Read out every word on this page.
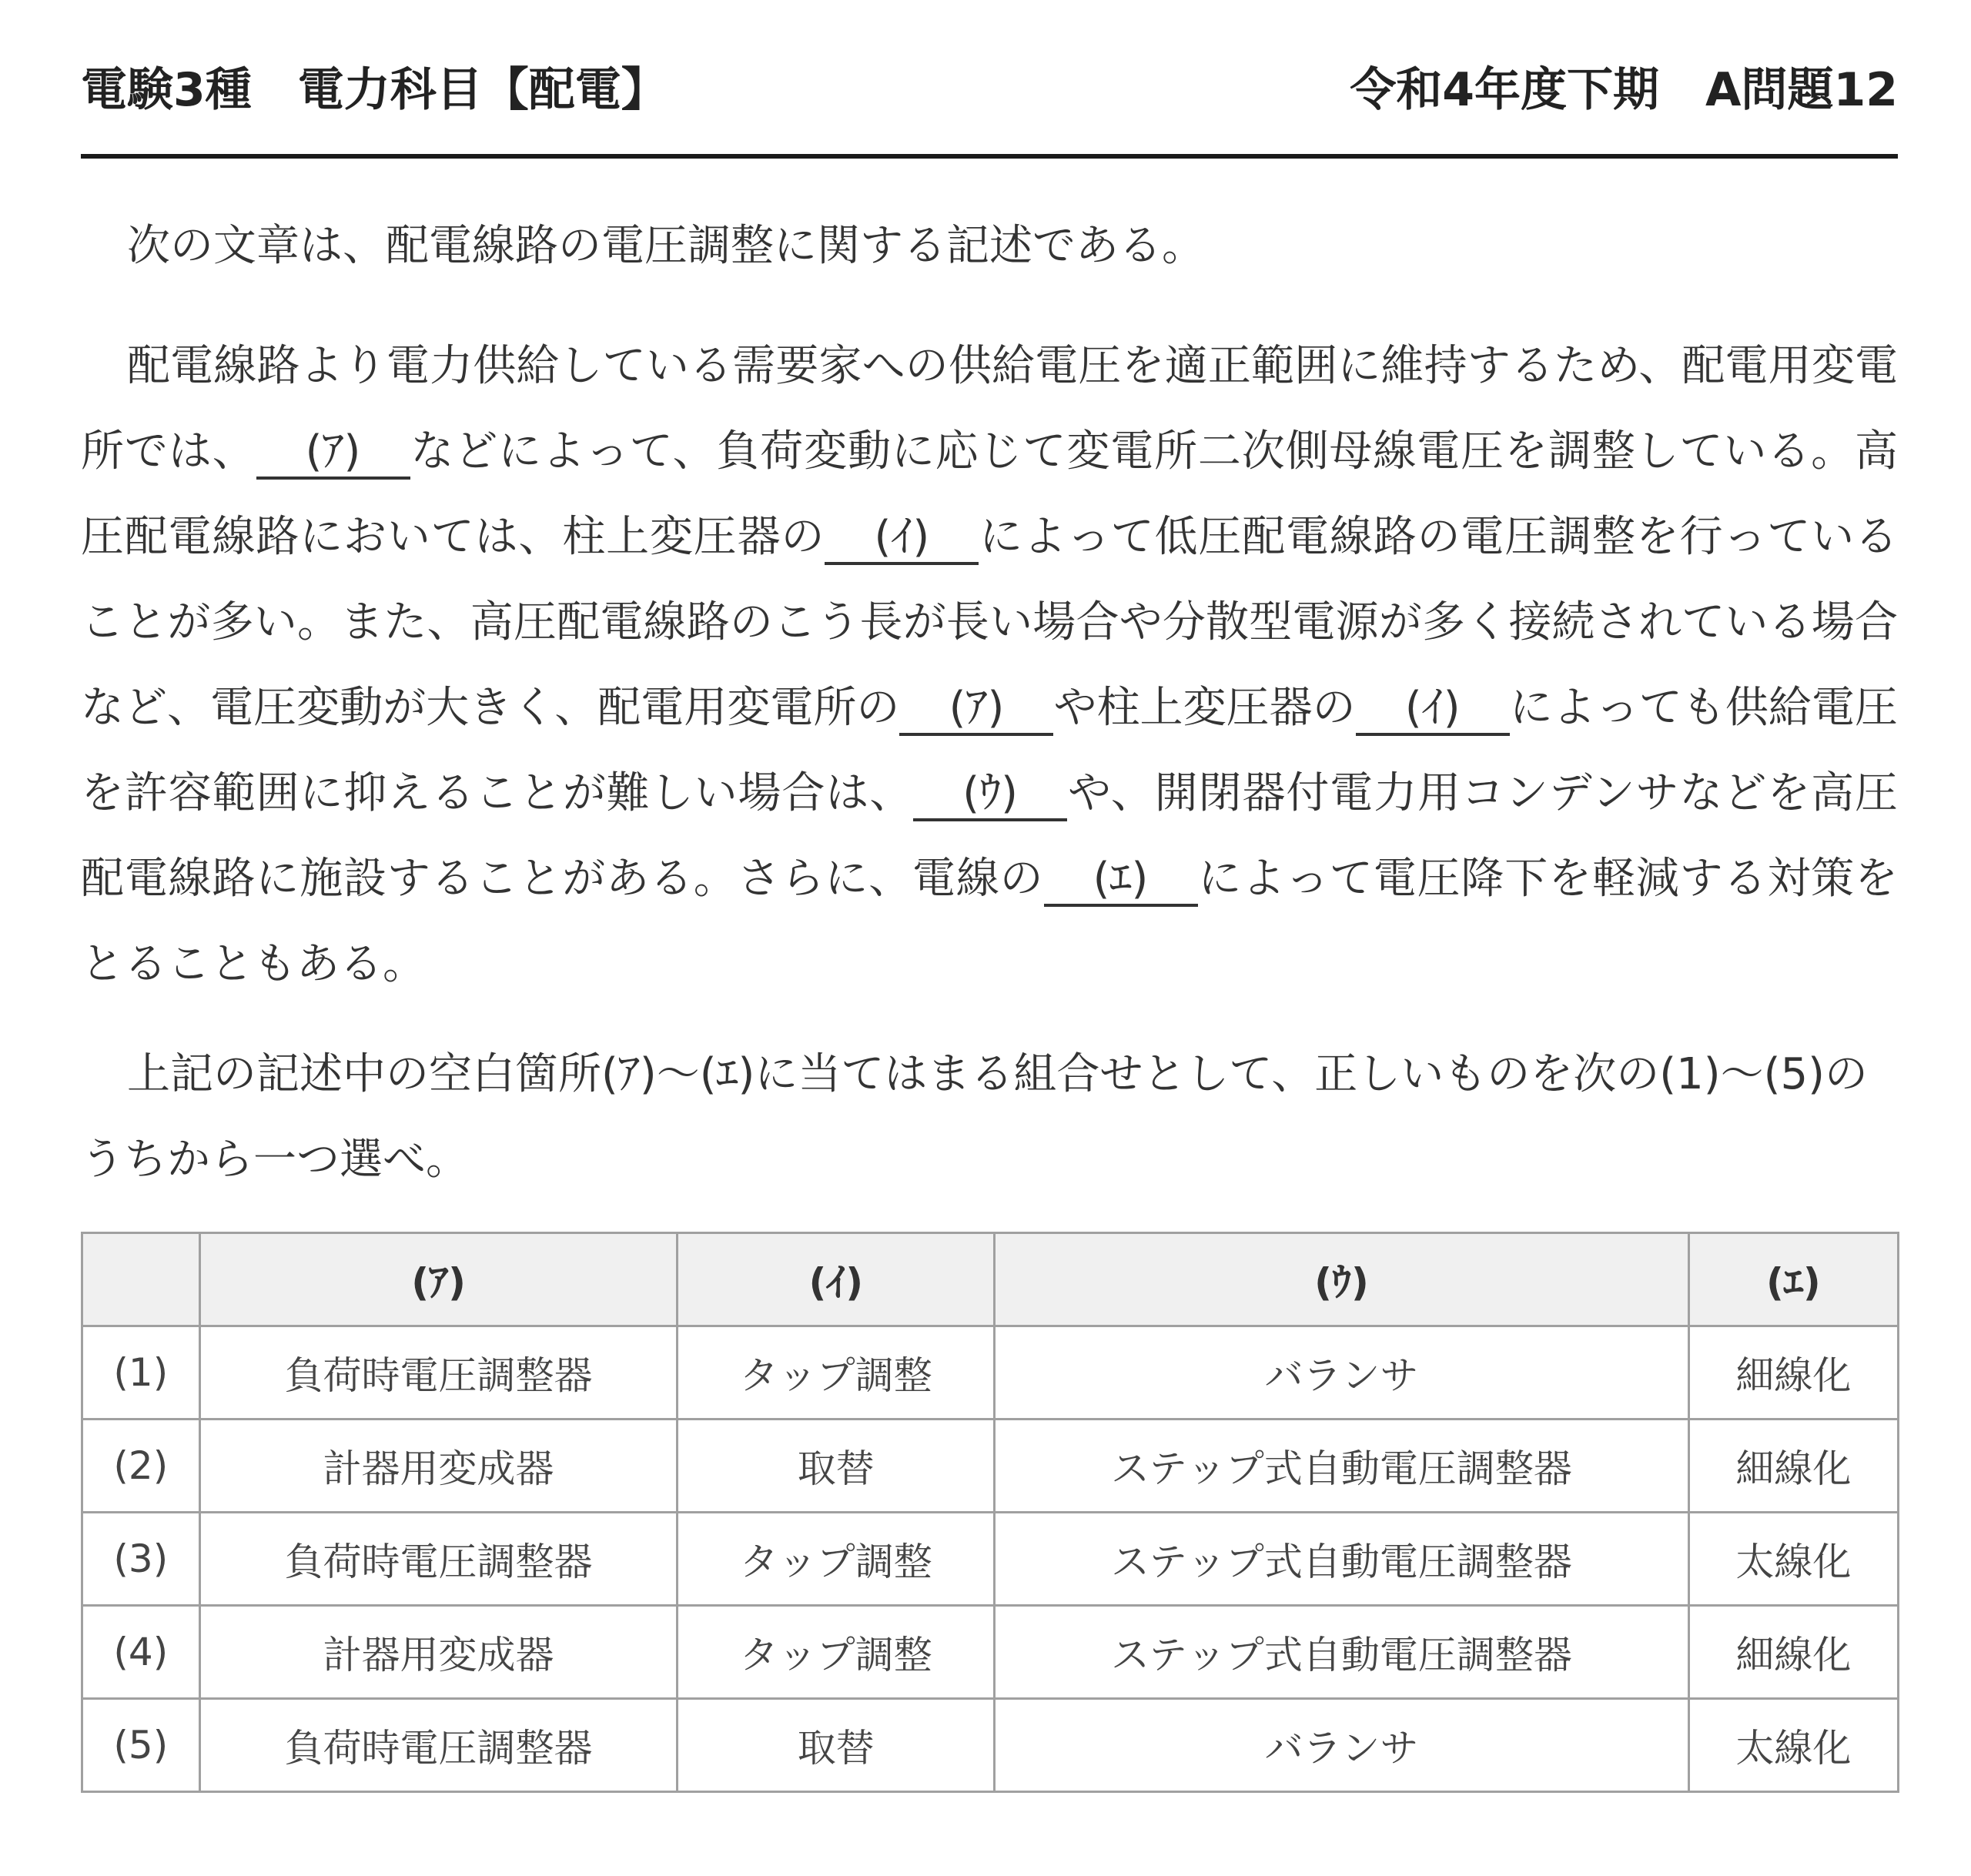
電験3種　電力科目【配電】	令和4年度下期　A問題12
次の文章は、配電線路の電圧調整に関する記述である。
配電線路より電力供給している需要家への供給電圧を適正範囲に維持するため、配電用変電所では、 (ｱ) などによって、負荷変動に応じて変電所二次側母線電圧を調整している。高圧配電線路においては、柱上変圧器の (ｲ) によって低圧配電線路の電圧調整を行っていることが多い。また、高圧配電線路のこう長が長い場合や分散型電源が多く接続されている場合など、電圧変動が大きく、配電用変電所の (ｱ) や柱上変圧器の (ｲ) によっても供給電圧を許容範囲に抑えることが難しい場合は、 (ｳ) や、開閉器付電力用コンデンサなどを高圧配電線路に施設することがある。さらに、電線の (ｴ) によって電圧降下を軽減する対策をとることもある。
上記の記述中の空白箇所(ｱ)～(ｴ)に当てはまる組合せとして、正しいものを次の(1)～(5)のうちから一つ選べ。
	(ｱ)	(ｲ)	(ｳ)	(ｴ)
(1)	負荷時電圧調整器	タップ調整	バランサ	細線化
(2)	計器用変成器	取替	ステップ式自動電圧調整器	細線化
(3)	負荷時電圧調整器	タップ調整	ステップ式自動電圧調整器	太線化
(4)	計器用変成器	タップ調整	ステップ式自動電圧調整器	細線化
(5)	負荷時電圧調整器	取替	バランサ	太線化
